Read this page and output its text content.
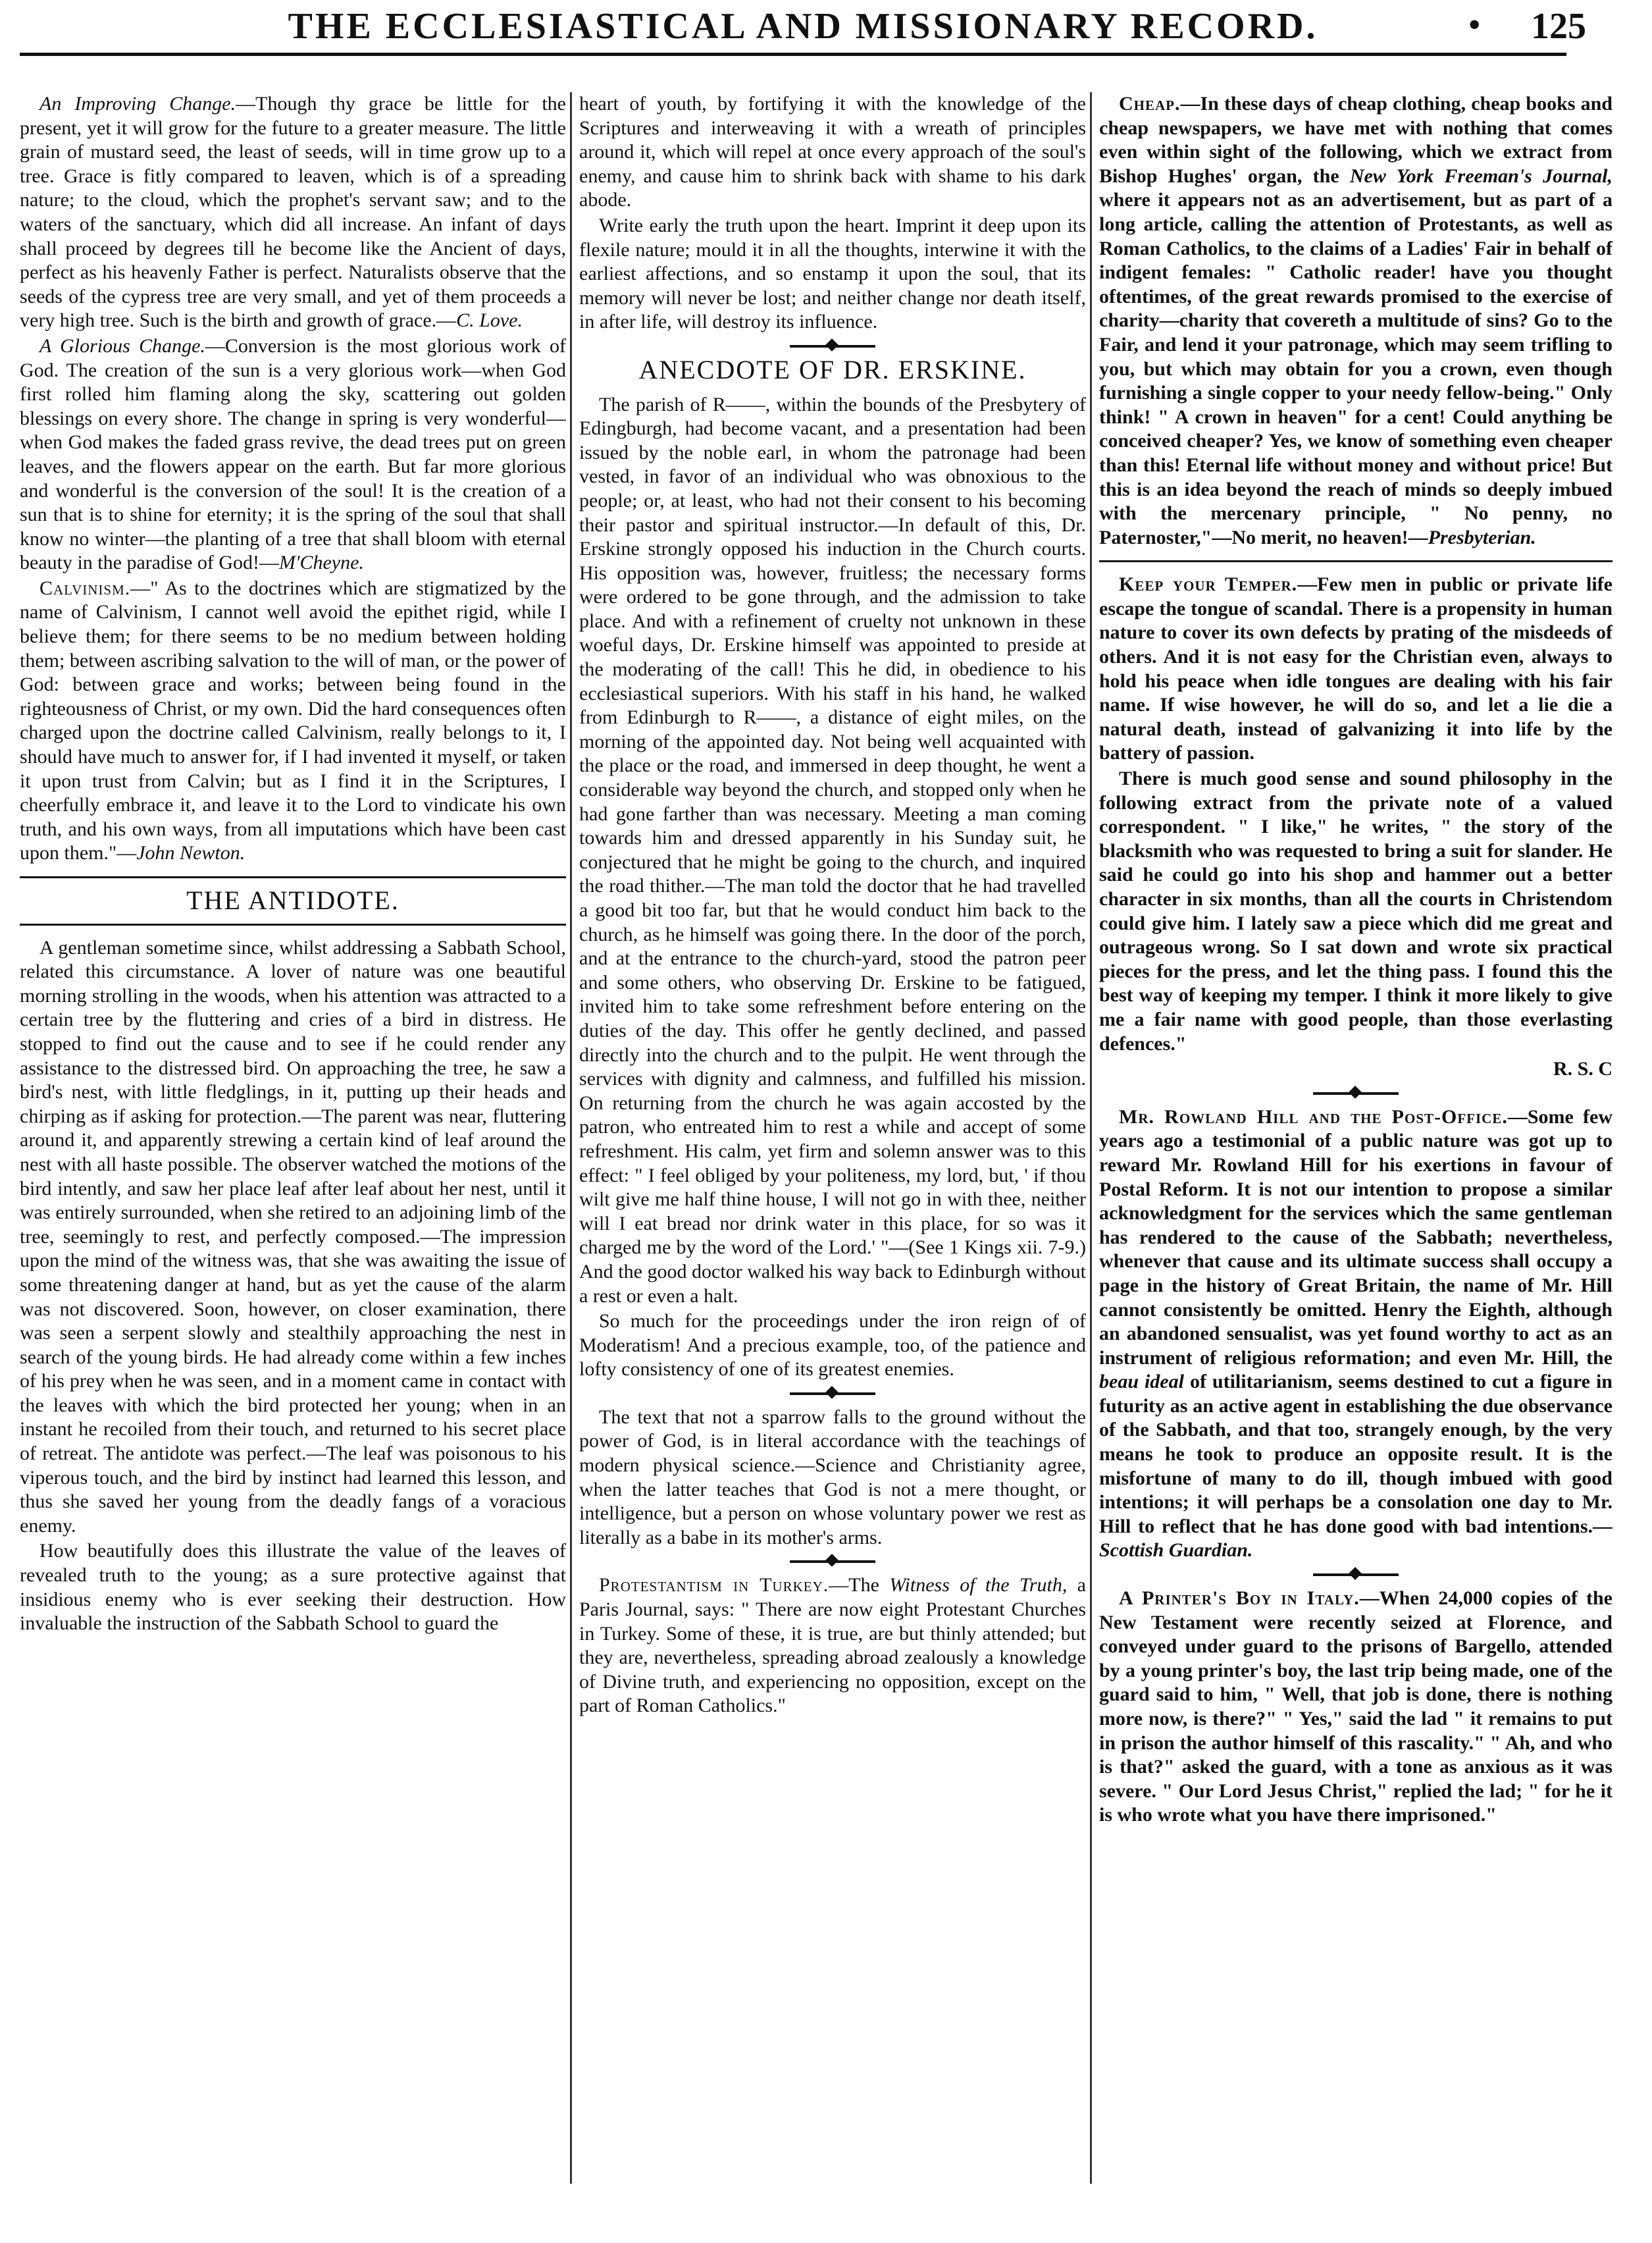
THE ECCLESIASTICAL AND MISSIONARY RECORD.	• 125

An Improving Change.—Though thy grace be little for the present, yet it will grow for the future to a greater measure. The little grain of mustard seed, the least of seeds, will in time grow up to a tree. Grace is fitly compared to leaven, which is of a spreading nature; to the cloud, which the prophet's servant saw; and to the waters of the sanctuary, which did all increase. An infant of days shall proceed by degrees till he become like the Ancient of days, perfect as his heavenly Father is perfect. Naturalists observe that the seeds of the cypress tree are very small, and yet of them proceeds a very high tree. Such is the birth and growth of grace.—C. Love.

A Glorious Change.—Conversion is the most glorious work of God. The creation of the sun is a very glorious work—when God first rolled him flaming along the sky, scattering out golden blessings on every shore. The change in spring is very wonderful—when God makes the faded grass revive, the dead trees put on green leaves, and the flowers appear on the earth. But far more glorious and wonderful is the conversion of the soul! It is the creation of a sun that is to shine for eternity; it is the spring of the soul that shall know no winter—the planting of a tree that shall bloom with eternal beauty in the paradise of God!—M'Cheyne.

Calvinism.—" As to the doctrines which are stigmatized by the name of Calvinism, I cannot well avoid the epithet rigid, while I believe them; for there seems to be no medium between holding them; between ascribing salvation to the will of man, or the power of God: between grace and works; between being found in the righteousness of Christ, or my own. Did the hard consequences often charged upon the doctrine called Calvinism, really belongs to it, I should have much to answer for, if I had invented it myself, or taken it upon trust from Calvin; but as I find it in the Scriptures, I cheerfully embrace it, and leave it to the Lord to vindicate his own truth, and his own ways, from all imputations which have been cast upon them."—John Newton.

THE ANTIDOTE.

A gentleman sometime since, whilst addressing a Sabbath School, related this circumstance. A lover of nature was one beautiful morning strolling in the woods, when his attention was attracted to a certain tree by the fluttering and cries of a bird in distress. He stopped to find out the cause and to see if he could render any assistance to the distressed bird. On approaching the tree, he saw a bird's nest, with little fledglings, in it, putting up their heads and chirping as if asking for protection.—The parent was near, fluttering around it, and apparently strewing a certain kind of leaf around the nest with all haste possible. The observer watched the motions of the bird intently, and saw her place leaf after leaf about her nest, until it was entirely surrounded, when she retired to an adjoining limb of the tree, seemingly to rest, and perfectly composed.—The impression upon the mind of the witness was, that she was awaiting the issue of some threatening danger at hand, but as yet the cause of the alarm was not discovered. Soon, however, on closer examination, there was seen a serpent slowly and stealthily approaching the nest in search of the young birds. He had already come within a few inches of his prey when he was seen, and in a moment came in contact with the leaves with which the bird protected her young; when in an instant he recoiled from their touch, and returned to his secret place of retreat. The antidote was perfect.—The leaf was poisonous to his viperous touch, and the bird by instinct had learned this lesson, and thus she saved her young from the deadly fangs of a voracious enemy.

How beautifully does this illustrate the value of the leaves of revealed truth to the young; as a sure protective against that insidious enemy who is ever seeking their destruction. How invaluable the instruction of the Sabbath School to guard the

heart of youth, by fortifying it with the knowledge of the Scriptures and interweaving it with a wreath of principles around it, which will repel at once every approach of the soul's enemy, and cause him to shrink back with shame to his dark abode.

Write early the truth upon the heart. Imprint it deep upon its flexile nature; mould it in all the thoughts, interwine it with the earliest affections, and so enstamp it upon the soul, that its memory will never be lost; and neither change nor death itself, in after life, will destroy its influence.

ANECDOTE OF DR. ERSKINE.

The parish of R——, within the bounds of the Presbytery of Edingburgh, had become vacant, and a presentation had been issued by the noble earl, in whom the patronage had been vested, in favor of an individual who was obnoxious to the people; or, at least, who had not their consent to his becoming their pastor and spiritual instructor.—In default of this, Dr. Erskine strongly opposed his induction in the Church courts. His opposition was, however, fruitless; the necessary forms were ordered to be gone through, and the admission to take place. And with a refinement of cruelty not unknown in these woeful days, Dr. Erskine himself was appointed to preside at the moderating of the call! This he did, in obedience to his ecclesiastical superiors. With his staff in his hand, he walked from Edinburgh to R——, a distance of eight miles, on the morning of the appointed day. Not being well acquainted with the place or the road, and immersed in deep thought, he went a considerable way beyond the church, and stopped only when he had gone farther than was necessary. Meeting a man coming towards him and dressed apparently in his Sunday suit, he conjectured that he might be going to the church, and inquired the road thither.—The man told the doctor that he had travelled a good bit too far, but that he would conduct him back to the church, as he himself was going there. In the door of the porch, and at the entrance to the church-yard, stood the patron peer and some others, who observing Dr. Erskine to be fatigued, invited him to take some refreshment before entering on the duties of the day. This offer he gently declined, and passed directly into the church and to the pulpit. He went through the services with dignity and calmness, and fulfilled his mission. On returning from the church he was again accosted by the patron, who entreated him to rest a while and accept of some refreshment. His calm, yet firm and solemn answer was to this effect: " I feel obliged by your politeness, my lord, but, ' if thou wilt give me half thine house, I will not go in with thee, neither will I eat bread nor drink water in this place, for so was it charged me by the word of the Lord.' "—(See 1 Kings xii. 7-9.) And the good doctor walked his way back to Edinburgh without a rest or even a halt.

So much for the proceedings under the iron reign of of Moderatism! And a precious example, too, of the patience and lofty consistency of one of its greatest enemies.

The text that not a sparrow falls to the ground without the power of God, is in literal accordance with the teachings of modern physical science.—Science and Christianity agree, when the latter teaches that God is not a mere thought, or intelligence, but a person on whose voluntary power we rest as literally as a babe in its mother's arms.

Protestantism in Turkey.—The Witness of the Truth, a Paris Journal, says: " There are now eight Protestant Churches in Turkey. Some of these, it is true, are but thinly attended; but they are, nevertheless, spreading abroad zealously a knowledge of Divine truth, and experiencing no opposition, except on the part of Roman Catholics."

Cheap.—In these days of cheap clothing, cheap books and cheap newspapers, we have met with nothing that comes even within sight of the following, which we extract from Bishop Hughes' organ, the New York Freeman's Journal, where it appears not as an advertisement, but as part of a long article, calling the attention of Protestants, as well as Roman Catholics, to the claims of a Ladies' Fair in behalf of indigent females: " Catholic reader! have you thought oftentimes, of the great rewards promised to the exercise of charity—charity that covereth a multitude of sins? Go to the Fair, and lend it your patronage, which may seem trifling to you, but which may obtain for you a crown, even though furnishing a single copper to your needy fellow-being." Only think! " A crown in heaven" for a cent! Could anything be conceived cheaper? Yes, we know of something even cheaper than this! Eternal life without money and without price! But this is an idea beyond the reach of minds so deeply imbued with the mercenary principle, " No penny, no Paternoster,"—No merit, no heaven!—Presbyterian.

Keep your Temper.—Few men in public or private life escape the tongue of scandal. There is a propensity in human nature to cover its own defects by prating of the misdeeds of others. And it is not easy for the Christian even, always to hold his peace when idle tongues are dealing with his fair name. If wise however, he will do so, and let a lie die a natural death, instead of galvanizing it into life by the battery of passion.

There is much good sense and sound philosophy in the following extract from the private note of a valued correspondent. " I like," he writes, " the story of the blacksmith who was requested to bring a suit for slander. He said he could go into his shop and hammer out a better character in six months, than all the courts in Christendom could give him. I lately saw a piece which did me great and outrageous wrong. So I sat down and wrote six practical pieces for the press, and let the thing pass. I found this the best way of keeping my temper. I think it more likely to give me a fair name with good people, than those everlasting defences."

R. S. C

Mr. Rowland Hill and the Post-Office.—Some few years ago a testimonial of a public nature was got up to reward Mr. Rowland Hill for his exertions in favour of Postal Reform. It is not our intention to propose a similar acknowledgment for the services which the same gentleman has rendered to the cause of the Sabbath; nevertheless, whenever that cause and its ultimate success shall occupy a page in the history of Great Britain, the name of Mr. Hill cannot consistently be omitted. Henry the Eighth, although an abandoned sensualist, was yet found worthy to act as an instrument of religious reformation; and even Mr. Hill, the beau ideal of utilitarianism, seems destined to cut a figure in futurity as an active agent in establishing the due observance of the Sabbath, and that too, strangely enough, by the very means he took to produce an opposite result. It is the misfortune of many to do ill, though imbued with good intentions; it will perhaps be a consolation one day to Mr. Hill to reflect that he has done good with bad intentions.—Scottish Guardian.

A Printer's Boy in Italy.—When 24,000 copies of the New Testament were recently seized at Florence, and conveyed under guard to the prisons of Bargello, attended by a young printer's boy, the last trip being made, one of the guard said to him, " Well, that job is done, there is nothing more now, is there?" " Yes," said the lad " it remains to put in prison the author himself of this rascality." " Ah, and who is that?" asked the guard, with a tone as anxious as it was severe. " Our Lord Jesus Christ," replied the lad; " for he it is who wrote what you have there imprisoned."
